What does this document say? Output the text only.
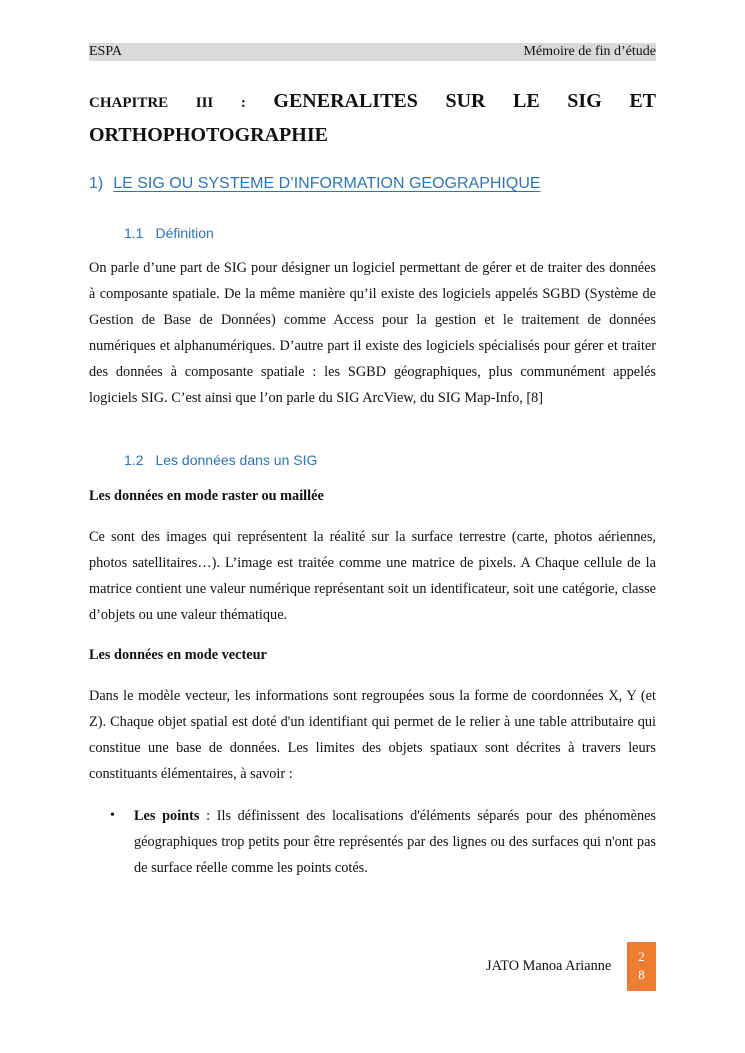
ESPA	Mémoire de fin d’étude
CHAPITRE III : GENERALITES SUR LE SIG ET
ORTHOPHOTOGRAPHIE
1) LE SIG OU SYSTEME D’INFORMATION GEOGRAPHIQUE
1.1 Définition
On parle d’une part de SIG pour désigner un logiciel permettant de gérer et de traiter des données à composante spatiale. De la même manière qu’il existe des logiciels appelés SGBD (Système de Gestion de Base de Données) comme Access pour la gestion et le traitement de données numériques et alphanumériques. D’autre part il existe des logiciels spécialisés pour gérer et traiter des données à composante spatiale : les SGBD géographiques, plus communément appelés logiciels SIG. C’est ainsi que l’on parle du SIG ArcView, du SIG Map-Info, [8]
1.2 Les données dans un SIG
Les données en mode raster ou maillée
Ce sont des images qui représentent la réalité sur la surface terrestre (carte, photos aériennes, photos satellitaires…). L’image est traitée comme une matrice de pixels. A Chaque cellule de la matrice contient une valeur numérique représentant soit un identificateur, soit une catégorie, classe d’objets ou une valeur thématique.
Les données en mode vecteur
Dans le modèle vecteur, les informations sont regroupées sous la forme de coordonnées X, Y (et Z). Chaque objet spatial est doté d'un identifiant qui permet de le relier à une table attributaire qui constitue une base de données. Les limites des objets spatiaux sont décrites à travers leurs constituants élémentaires, à savoir :
• Les points : Ils définissent des localisations d'éléments séparés pour des phénomènes géographiques trop petits pour être représentés par des lignes ou des surfaces qui n'ont pas de surface réelle comme les points cotés.
JATO Manoa Arianne
2
8
